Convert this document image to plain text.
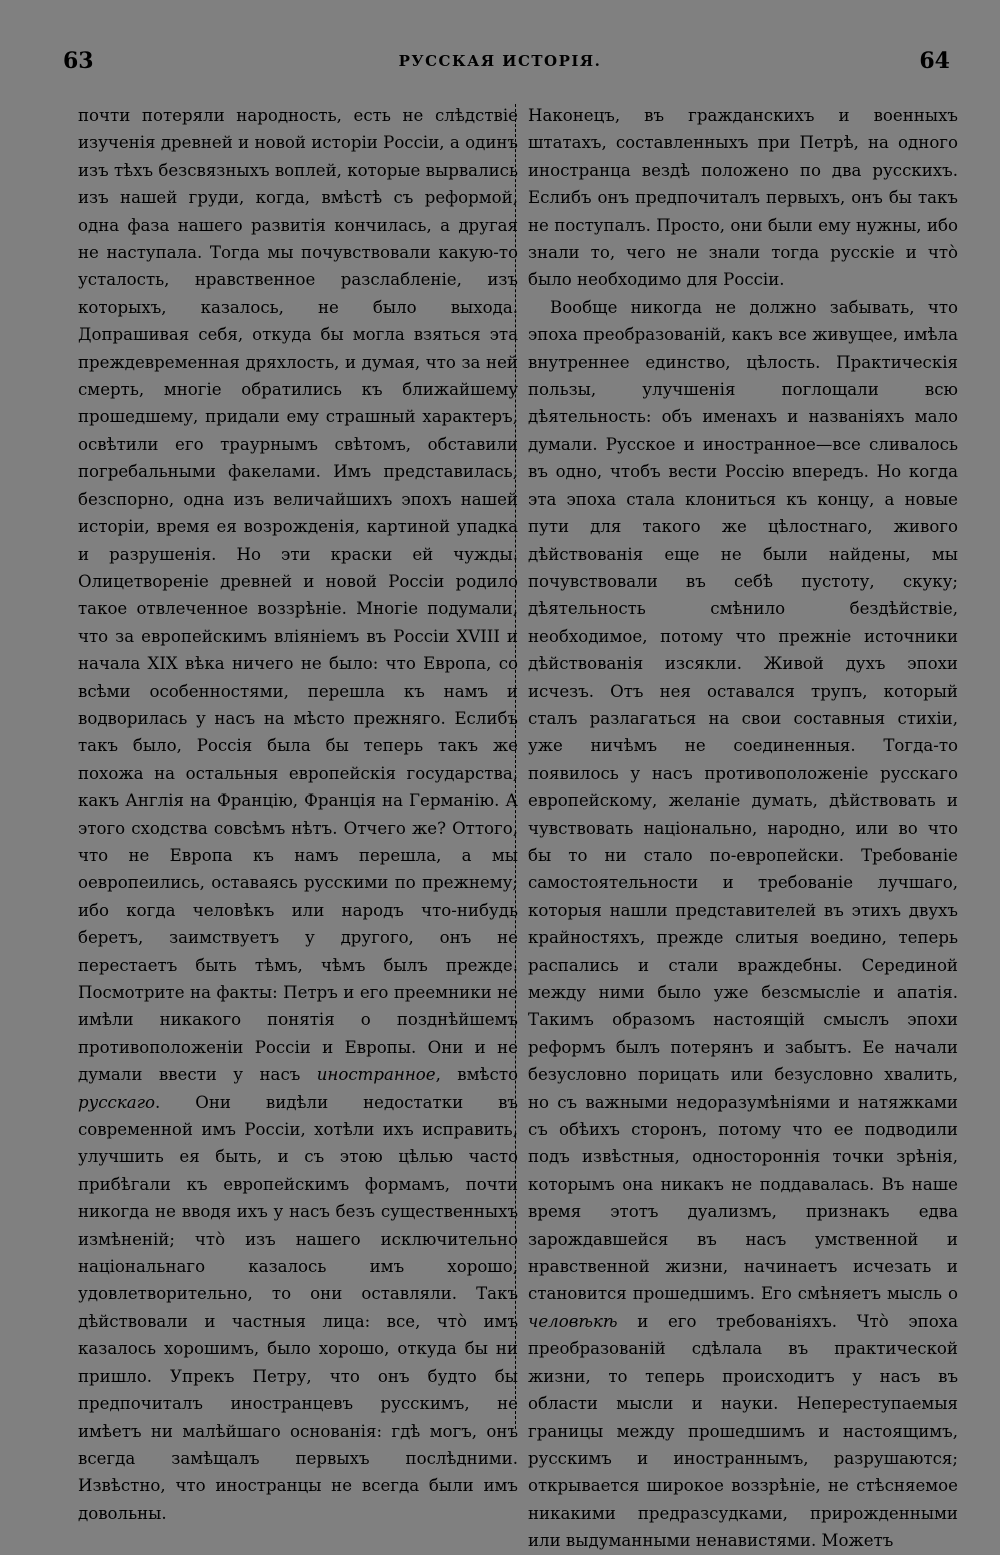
63	РУССКАЯ ИСТОРІЯ.	64

почти потеряли народность, есть не слѣдствіе изученія древней и новой исторіи Россіи, а одинъ изъ тѣхъ безсвязныхъ воплей, которые вырвались изъ нашей груди, когда, вмѣстѣ съ реформой, одна фаза нашего развитія кончилась, а другая не наступала. Тогда мы почувствовали какую-то усталость, нравственное разслабленіе, изъ которыхъ, казалось, не было выхода. Допрашивая себя, откуда бы могла взяться эта преждевременная дряхлость, и думая, что за ней смерть, многіе обратились къ ближайшему прошедшему, придали ему страшный характеръ, освѣтили его траурнымъ свѣтомъ, обставили погребальными факелами. Имъ представилась, безспорно, одна изъ величайшихъ эпохъ нашей исторіи, время ея возрожденія, картиной упадка и разрушенія. Но эти краски ей чужды. Олицетвореніе древней и новой Россіи родило такое отвлеченное воззрѣніе. Многіе подумали, что за европейскимъ вліяніемъ въ Россіи XVIII и начала XIX вѣка ничего не было: что Европа, со всѣми особенностями, перешла къ намъ и водворилась у насъ на мѣсто прежняго. Еслибъ такъ было, Россія была бы теперь такъ же похожа на остальныя европейскія государства, какъ Англія на Францію, Франція на Германію. А этого сходства совсѣмъ нѣтъ. Отчего же? Оттого, что не Европа къ намъ перешла, а мы оевропеились, оставаясь русскими по прежнему; ибо когда человѣкъ или народъ что-нибудь беретъ, заимствуетъ у другого, онъ не перестаетъ быть тѣмъ, чѣмъ былъ прежде. Посмотрите на факты: Петръ и его преемники не имѣли никакого понятія о позднѣйшемъ противоположеніи Россіи и Европы. Они и не думали ввести у насъ иностранное, вмѣсто русскаго. Они видѣли недостатки въ современной имъ Россіи, хотѣли ихъ исправить, улучшить ея быть, и съ этою цѣлью часто прибѣгали къ европейскимъ формамъ, почти никогда не вводя ихъ у насъ безъ существенныхъ измѣненій; что̀ изъ нашего исключительно національнаго казалось имъ хорошо, удовлетворительно, то они оставляли. Такъ дѣйствовали и частныя лица: все, что̀ имъ казалось хорошимъ, было хорошо, откуда бы ни пришло. Упрекъ Петру, что онъ будто бы предпочиталъ иностранцевъ русскимъ, не имѣетъ ни малѣйшаго основанія: гдѣ могъ, онъ всегда замѣщалъ первыхъ послѣдними. Извѣстно, что иностранцы не всегда были имъ довольны.

Наконецъ, въ гражданскихъ и военныхъ штатахъ, составленныхъ при Петрѣ, на одного иностранца вездѣ положено по два русскихъ. Еслибъ онъ предпочиталъ первыхъ, онъ бы такъ не поступалъ. Просто, они были ему нужны, ибо знали то, чего не знали тогда русскіе и что̀ было необходимо для Россіи.

Вообще никогда не должно забывать, что эпоха преобразованій, какъ все живущее, имѣла внутреннее единство, цѣлость. Практическія пользы, улучшенія поглощали всю дѣятельность: объ именахъ и названіяхъ мало думали. Русское и иностранное—все сливалось въ одно, чтобъ вести Россію впередъ. Но когда эта эпоха стала клониться къ концу, а новые пути для такого же цѣлостнаго, живого дѣйствованія еще не были найдены, мы почувствовали въ себѣ пустоту, скуку; дѣятельность смѣнило бездѣйствіе, необходимое, потому что прежніе источники дѣйствованія изсякли. Живой духъ эпохи исчезъ. Отъ нея оставался трупъ, который сталъ разлагаться на свои составныя стихіи, уже ничѣмъ не соединенныя. Тогда-то появилось у насъ противоположеніе русскаго европейскому, желаніе думать, дѣйствовать и чувствовать національно, народно, или во что бы то ни стало по-европейски. Требованіе самостоятельности и требованіе лучшаго, которыя нашли представителей въ этихъ двухъ крайностяхъ, прежде слитыя воедино, теперь распались и стали враждебны. Серединой между ними было уже безсмысліе и апатія. Такимъ образомъ настоящій смыслъ эпохи реформъ былъ потерянъ и забытъ. Ее начали безусловно порицать или безусловно хвалить, но съ важными недоразумѣніями и натяжками съ обѣихъ сторонъ, потому что ее подводили подъ извѣстныя, одностороннія точки зрѣнія, которымъ она никакъ не поддавалась. Въ наше время этотъ дуализмъ, признакъ едва зарождавшейся въ насъ умственной и нравственной жизни, начинаетъ исчезать и становится прошедшимъ. Его смѣняетъ мысль о человѣкѣ и его требованіяхъ. Что̀ эпоха преобразованій сдѣлала въ практической жизни, то теперь происходитъ у насъ въ области мысли и науки. Непереступаемыя границы между прошедшимъ и настоящимъ, русскимъ и иностраннымъ, разрушаются; открывается широкое воззрѣніе, не стѣсняемое никакими предразсудками, прирожденными или выдуманными ненавистями. Можетъ
